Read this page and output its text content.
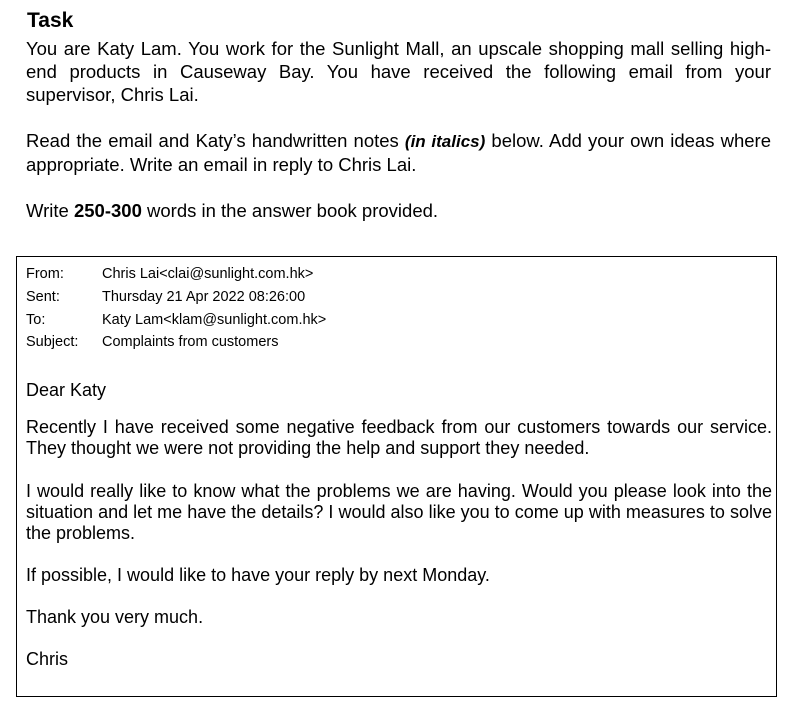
Task

You are Katy Lam. You work for the Sunlight Mall, an upscale shopping mall selling high-end products in Causeway Bay. You have received the following email from your supervisor, Chris Lai.

Read the email and Katy’s handwritten notes (in italics) below. Add your own ideas where appropriate. Write an email in reply to Chris Lai.

Write 250-300 words in the answer book provided.

From:	Chris Lai<clai@sunlight.com.hk>
Sent:	Thursday 21 Apr 2022 08:26:00
To:	Katy Lam<klam@sunlight.com.hk>
Subject:	Complaints from customers

Dear Katy

Recently I have received some negative feedback from our customers towards our service. They thought we were not providing the help and support they needed.

I would really like to know what the problems we are having. Would you please look into the situation and let me have the details? I would also like you to come up with measures to solve the problems.

If possible, I would like to have your reply by next Monday.

Thank you very much.

Chris
